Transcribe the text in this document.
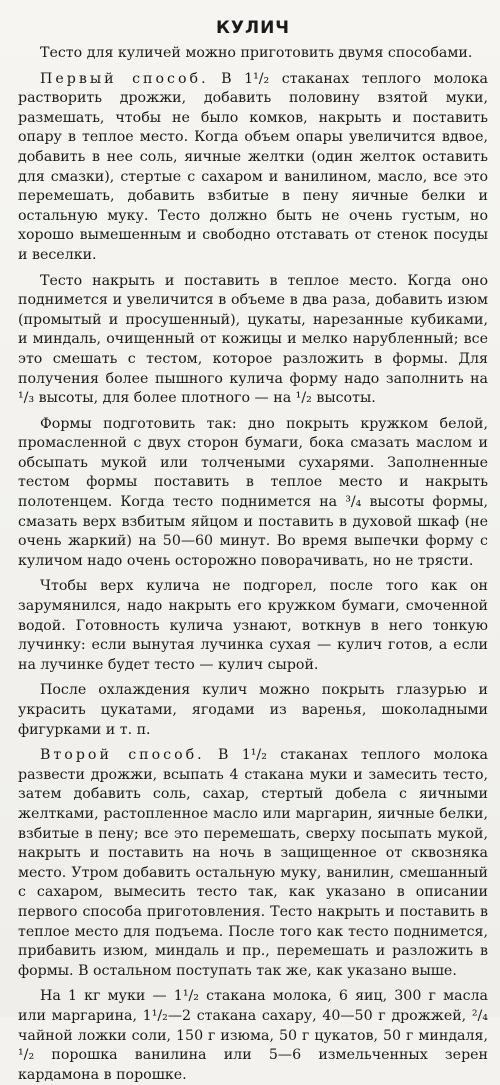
КУЛИЧ

Тесто для куличей можно приготовить двумя способами.

Первый способ. В 1¹/₂ стаканах теплого молока растворить дрожжи, добавить половину взятой муки, размешать, чтобы не было комков, накрыть и поставить опару в теплое место. Когда объем опары увеличится вдвое, добавить в нее соль, яичные желтки (один желток оставить для смазки), стертые с сахаром и ванилином, масло, все это перемешать, добавить взбитые в пену яичные белки и остальную муку. Тесто должно быть не очень густым, но хорошо вымешенным и свободно отставать от стенок посуды и веселки.

Тесто накрыть и поставить в теплое место. Когда оно поднимется и увеличится в объеме в два раза, добавить изюм (промытый и просушенный), цукаты, нарезанные кубиками, и миндаль, очищенный от кожицы и мелко нарубленный; все это смешать с тестом, которое разложить в формы. Для получения более пышного кулича форму надо заполнить на ¹/₃ высоты, для более плотного — на ¹/₂ высоты.

Формы подготовить так: дно покрыть кружком белой, промасленной с двух сторон бумаги, бока смазать маслом и обсыпать мукой или толчеными сухарями. Заполненные тестом формы поставить в теплое место и накрыть полотенцем. Когда тесто поднимется на ³/₄ высоты формы, смазать верх взбитым яйцом и поставить в духовой шкаф (не очень жаркий) на 50—60 минут. Во время выпечки форму с куличом надо очень осторожно поворачивать, но не трясти.

Чтобы верх кулича не подгорел, после того как он зарумянился, надо накрыть его кружком бумаги, смоченной водой. Готовность кулича узнают, воткнув в него тонкую лучинку: если вынутая лучинка сухая — кулич готов, а если на лучинке будет тесто — кулич сырой.

После охлаждения кулич можно покрыть глазурью и украсить цукатами, ягодами из варенья, шоколадными фигурками и т. п.

Второй способ. В 1¹/₂ стаканах теплого молока развести дрожжи, всыпать 4 стакана муки и замесить тесто, затем добавить соль, сахар, стертый добела с яичными желтками, растопленное масло или маргарин, яичные белки, взбитые в пену; все это перемешать, сверху посыпать мукой, накрыть и поставить на ночь в защищенное от сквозняка место. Утром добавить остальную муку, ванилин, смешанный с сахаром, вымесить тесто так, как указано в описании первого способа приготовления. Тесто накрыть и поставить в теплое место для подъема. После того как тесто поднимется, прибавить изюм, миндаль и пр., перемешать и разложить в формы. В остальном поступать так же, как указано выше.

На 1 кг муки — 1¹/₂ стакана молока, 6 яиц, 300 г масла или маргарина, 1¹/₂—2 стакана сахару, 40—50 г дрожжей, ²/₄ чайной ложки соли, 150 г изюма, 50 г цукатов, 50 г миндаля, ¹/₂ порошка ванилина или 5—6 измельченных зерен кардамона в порошке.
